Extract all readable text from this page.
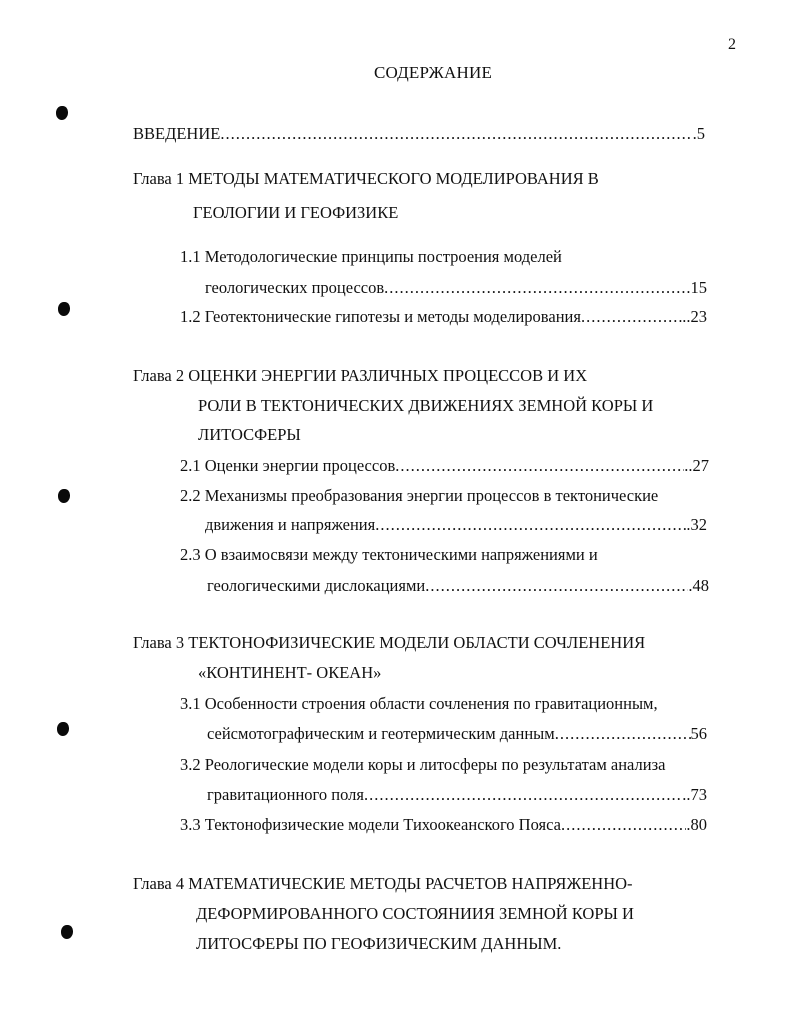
2
СОДЕРЖАНИЕ
ВВЕДЕНИЕ .....	.5
Глава 1 МЕТОДЫ МАТЕМАТИЧЕСКОГО МОДЕЛИРОВАНИЯ В
ГЕОЛОГИИ И ГЕОФИЗИКЕ
1.1 Методологические принципы построения моделей
геологических процессов .....	.15
1.2 Геотектонические гипотезы и методы моделирования .....	..23
Глава 2 ОЦЕНКИ ЭНЕРГИИ РАЗЛИЧНЫХ ПРОЦЕССОВ И ИХ
РОЛИ В ТЕКТОНИЧЕСКИХ ДВИЖЕНИЯХ ЗЕМНОЙ КОРЫ И
ЛИТОСФЕРЫ
2.1 Оценки энергии процессов .....	..27
2.2 Механизмы преобразования энергии процессов в тектонические
движения и напряжения .....	.32
2.3 О взаимосвязи между тектоническими напряжениями и
геологическими дислокациями .....	.48
Глава 3 ТЕКТОНОФИЗИЧЕСКИЕ МОДЕЛИ ОБЛАСТИ СОЧЛЕНЕНИЯ
«КОНТИНЕНТ- ОКЕАН»
3.1 Особенности строения области сочленения по гравитационным,
сейсмотографическим и геотермическим данным .....	56
3.2 Реологические модели коры и литосферы по результатам анализа
гравитационного поля .....	..73
3.3 Тектонофизические модели Тихоокеанского Пояса .....	.80
Глава 4 МАТЕМАТИЧЕСКИЕ МЕТОДЫ РАСЧЕТОВ НАПРЯЖЕННО-
ДЕФОРМИРОВАННОГО СОСТОЯНИИЯ ЗЕМНОЙ КОРЫ И
ЛИТОСФЕРЫ ПО ГЕОФИЗИЧЕСКИМ ДАННЫМ.
